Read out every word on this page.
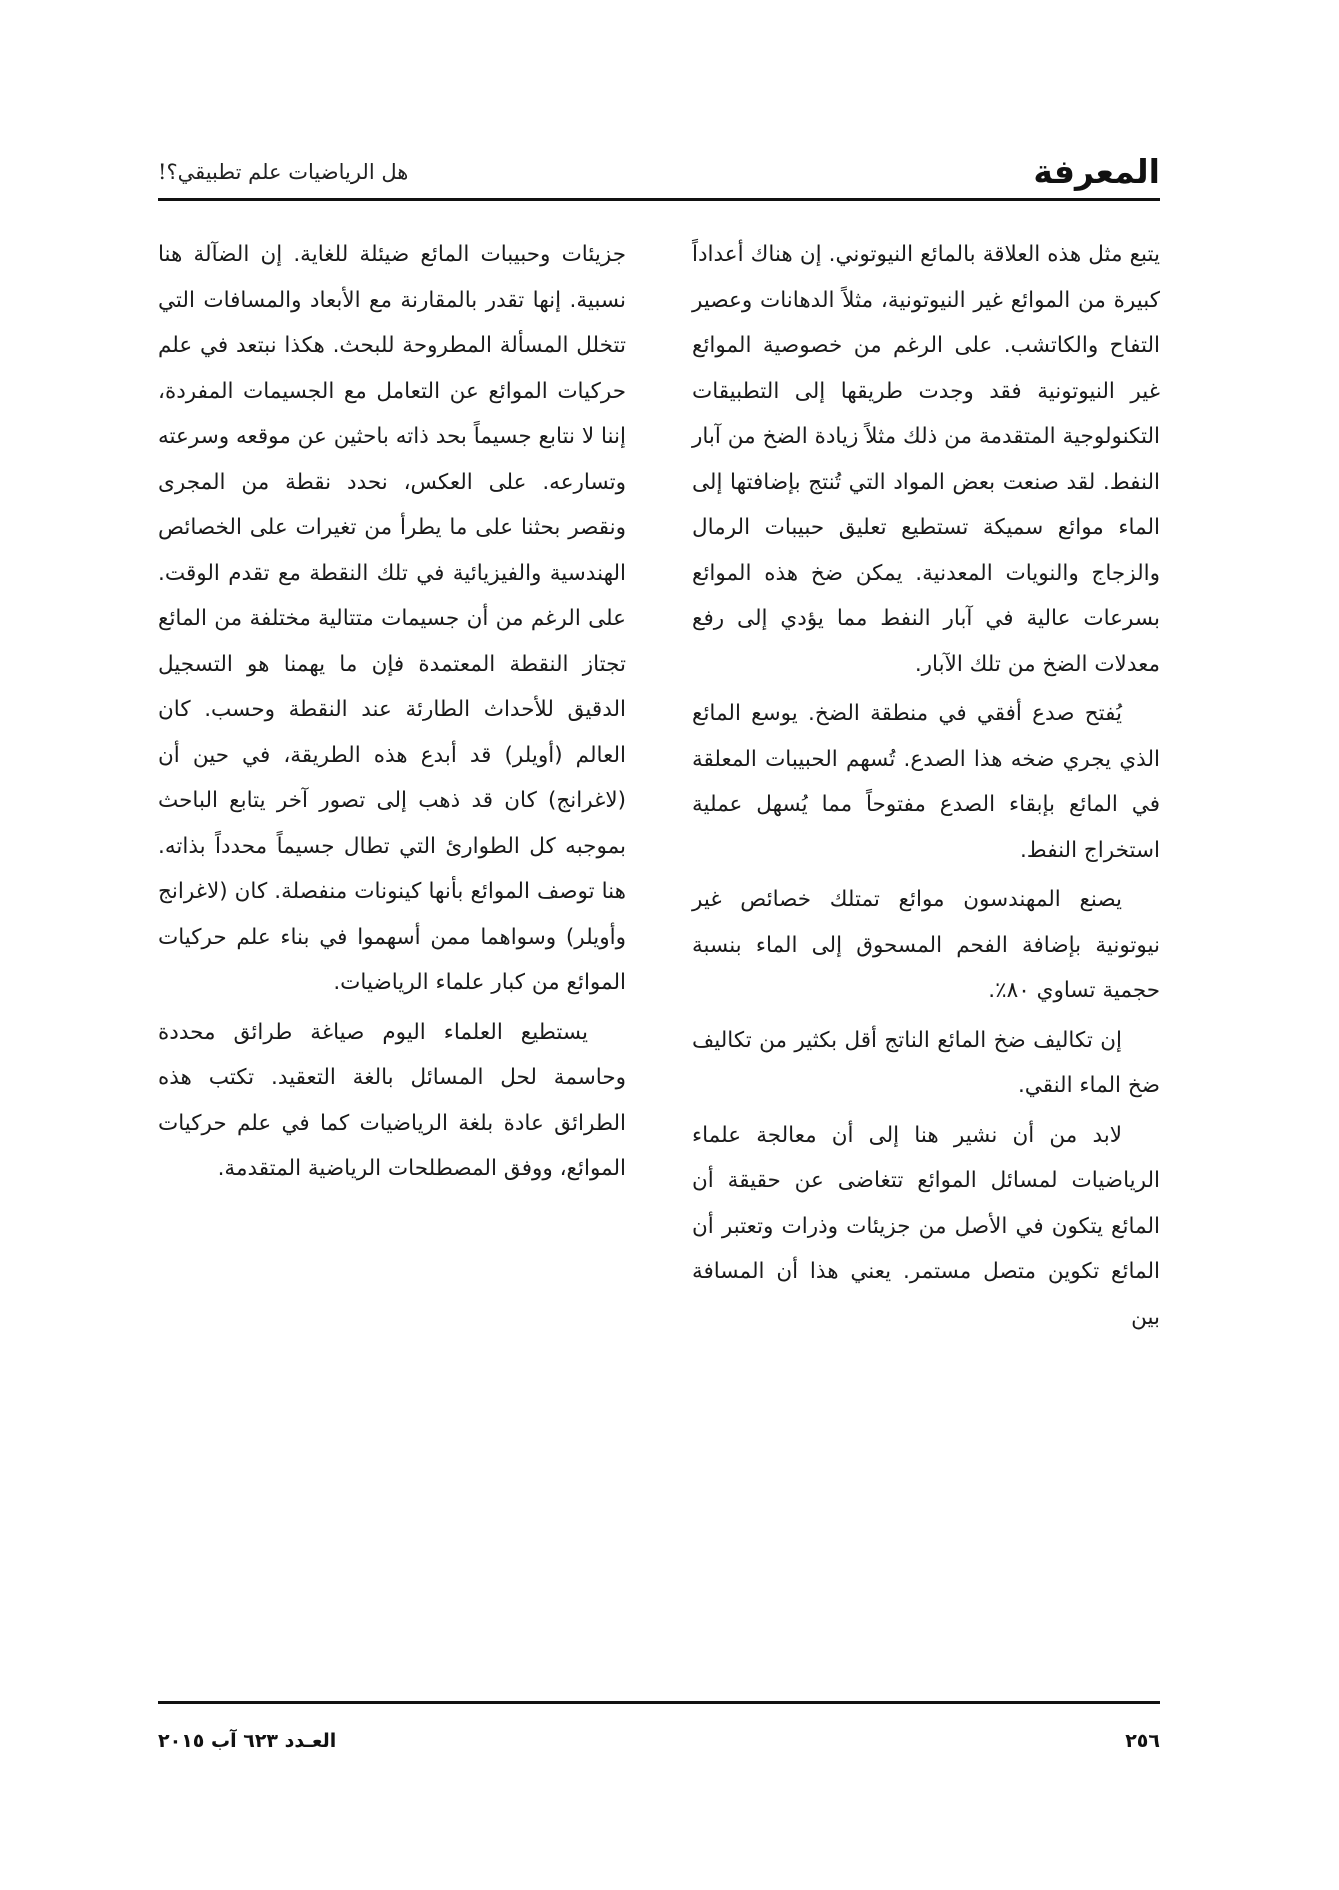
المعرفة
هل الرياضيات علم تطبيقي؟!

يتبع مثل هذه العلاقة بالمائع النيوتوني. إن هناك أعداداً كبيرة من الموائع غير النيوتونية، مثلاً الدهانات وعصير التفاح والكاتشب. على الرغم من خصوصية الموائع غير النيوتونية فقد وجدت طريقها إلى التطبيقات التكنولوجية المتقدمة من ذلك مثلاً زيادة الضخ من آبار النفط. لقد صنعت بعض المواد التي تُنتج بإضافتها إلى الماء موائع سميكة تستطيع تعليق حبيبات الرمال والزجاج والنويات المعدنية. يمكن ضخ هذه الموائع بسرعات عالية في آبار النفط مما يؤدي إلى رفع معدلات الضخ من تلك الآبار.

يُفتح صدع أفقي في منطقة الضخ. يوسع المائع الذي يجري ضخه هذا الصدع. تُسهم الحبيبات المعلقة في المائع بإبقاء الصدع مفتوحاً مما يُسهل عملية استخراج النفط.

يصنع المهندسون موائع تمتلك خصائص غير نيوتونية بإضافة الفحم المسحوق إلى الماء بنسبة حجمية تساوي ٨٠٪.

إن تكاليف ضخ المائع الناتج أقل بكثير من تكاليف ضخ الماء النقي.

لابد من أن نشير هنا إلى أن معالجة علماء الرياضيات لمسائل الموائع تتغاضى عن حقيقة أن المائع يتكون في الأصل من جزيئات وذرات وتعتبر أن المائع تكوين متصل مستمر. يعني هذا أن المسافة بين

جزيئات وحبيبات المائع ضيئلة للغاية. إن الضآلة هنا نسبية. إنها تقدر بالمقارنة مع الأبعاد والمسافات التي تتخلل المسألة المطروحة للبحث. هكذا نبتعد في علم حركيات الموائع عن التعامل مع الجسيمات المفردة، إننا لا نتابع جسيماً بحد ذاته باحثين عن موقعه وسرعته وتسارعه. على العكس، نحدد نقطة من المجرى ونقصر بحثنا على ما يطرأ من تغيرات على الخصائص الهندسية والفيزيائية في تلك النقطة مع تقدم الوقت. على الرغم من أن جسيمات متتالية مختلفة من المائع تجتاز النقطة المعتمدة فإن ما يهمنا هو التسجيل الدقيق للأحداث الطارئة عند النقطة وحسب. كان العالم (أويلر) قد أبدع هذه الطريقة، في حين أن (لاغرانج) كان قد ذهب إلى تصور آخر يتابع الباحث بموجبه كل الطوارئ التي تطال جسيماً محدداً بذاته. هنا توصف الموائع بأنها كينونات منفصلة. كان (لاغرانج وأويلر) وسواهما ممن أسهموا في بناء علم حركيات الموائع من كبار علماء الرياضيات.

يستطيع العلماء اليوم صياغة طرائق محددة وحاسمة لحل المسائل بالغة التعقيد. تكتب هذه الطرائق عادة بلغة الرياضيات كما في علم حركيات الموائع، ووفق المصطلحات الرياضية المتقدمة.

٢٥٦
العـدد ٦٢٣ آب ٢٠١٥
